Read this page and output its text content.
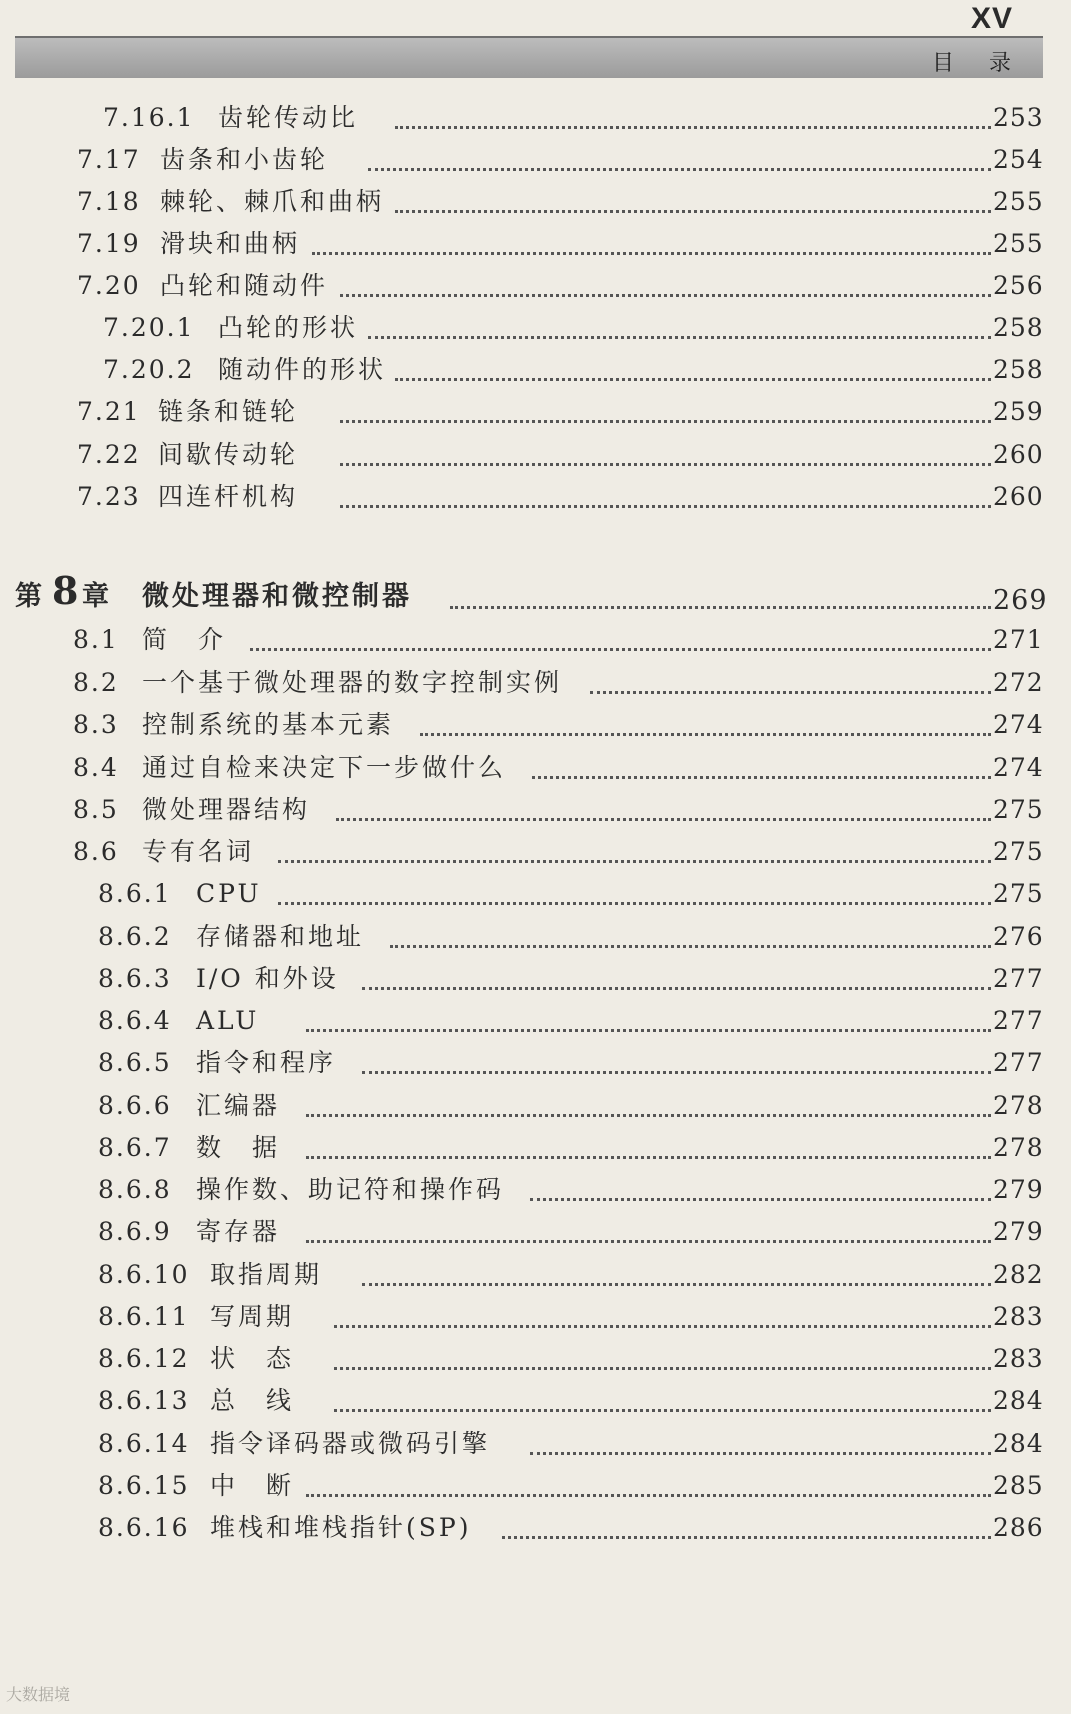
XV
目 录
7.16.1 齿轮传动比	253
7.17 齿条和小齿轮	254
7.18 棘轮、棘爪和曲柄	255
7.19 滑块和曲柄	255
7.20 凸轮和随动件	256
7.20.1 凸轮的形状	258
7.20.2 随动件的形状	258
7.21 链条和链轮	259
7.22 间歇传动轮	260
7.23 四连杆机构	260
第 8 章 微处理器和微控制器	269
8.1 简　介	271
8.2 一个基于微处理器的数字控制实例	272
8.3 控制系统的基本元素	274
8.4 通过自检来决定下一步做什么	274
8.5 微处理器结构	275
8.6 专有名词	275
8.6.1 CPU	275
8.6.2 存储器和地址	276
8.6.3 I/O 和外设	277
8.6.4 ALU	277
8.6.5 指令和程序	277
8.6.6 汇编器	278
8.6.7 数　据	278
8.6.8 操作数、助记符和操作码	279
8.6.9 寄存器	279
8.6.10 取指周期	282
8.6.11 写周期	283
8.6.12 状　态	283
8.6.13 总　线	284
8.6.14 指令译码器或微码引擎	284
8.6.15 中　断	285
8.6.16 堆栈和堆栈指针(SP)	286
大数据境
